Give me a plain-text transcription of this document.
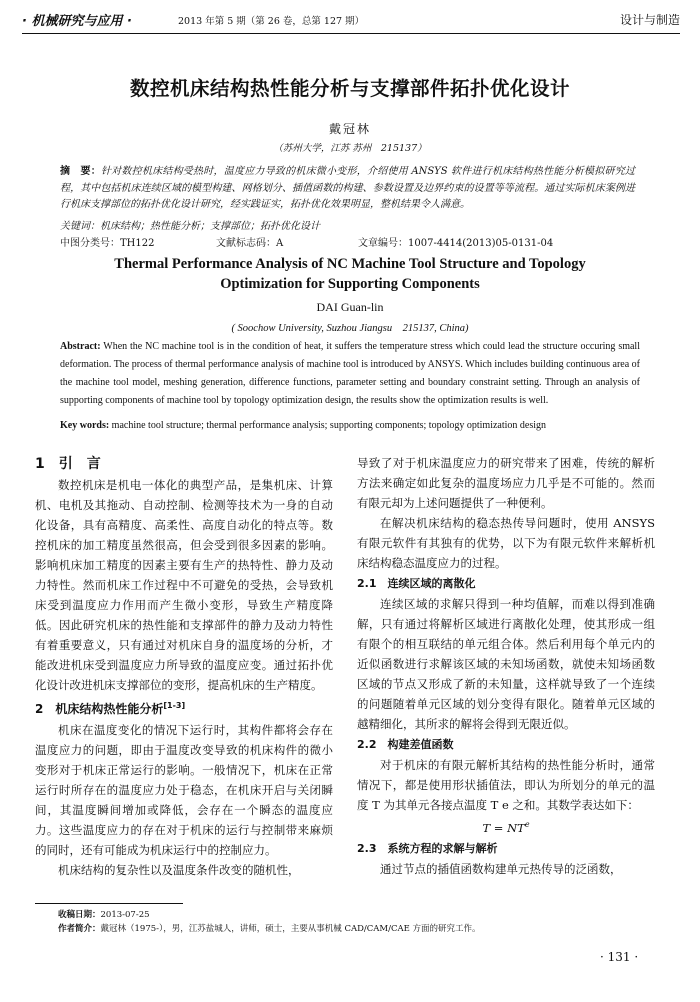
· 机械研究与应用 ·	2013 年第 5 期（第 26 卷，总第 127 期）	设计与制造
数控机床结构热性能分析与支撑部件拓扑优化设计
戴冠林
（苏州大学，江苏 苏州　215137）
摘　要：针对数控机床结构受热时，温度应力导致的机床微小变形，介绍使用 ANSYS 软件进行机床结构热性能分析模拟研究过程，其中包括机床连续区域的模型构建、网格划分、插值函数的构建、参数设置及边界约束的设置等等流程。通过实际机床案例进行机床支撑部位的拓扑优化设计研究，经实践证实，拓扑优化效果明显，整机结果令人满意。
关键词：机床结构；热性能分析；支撑部位；拓扑优化设计
中图分类号：TH122	文献标志码：A	文章编号：1007-4414(2013)05-0131-04
Thermal Performance Analysis of NC Machine Tool Structure and Topology
Optimization for Supporting Components
DAI Guan-lin
( Soochow University, Suzhou Jiangsu　215137, China)
Abstract: When the NC machine tool is in the condition of heat, it suffers the temperature stress which could lead the structure occuring small deformation. The process of thermal performance analysis of machine tool is introduced by ANSYS. Which includes building continuous area of the machine tool model, meshing generation, difference functions, parameter setting and boundary constraint setting. Through an analysis of supporting components of machine tool by topology optimization design, the results show the optimization results is well.
Key words: machine tool structure; thermal performance analysis; supporting components; topology optimization design
1　引　言

数控机床是机电一体化的典型产品，是集机床、计算机、电机及其拖动、自动控制、检测等技术为一身的自动化设备，具有高精度、高柔性、高度自动化的特点等。数控机床的加工精度虽然很高，但会受到很多因素的影响。影响机床加工精度的因素主要有生产的热特性、静力及动力特性。然而机床工作过程中不可避免的受热，会导致机床受到温度应力作用而产生微小变形，导致生产精度降低。因此研究机床的热性能和支撑部件的静力及动力特性有着重要意义，只有通过对机床自身的温度场的分析，才能改进机床受到温度应力所导致的温度应变。通过拓扑优化设计改进机床支撑部位的变形，提高机床的生产精度。

2　机床结构热性能分析[1-3]

机床在温度变化的情况下运行时，其构件都将会存在温度应力的问题，即由于温度改变导致的机床构件的微小变形对于机床正常运行的影响。一般情况下，机床在正常运行时所存在的温度应力处于稳态，在机床开启与关闭瞬间，其温度瞬间增加或降低，会存在一个瞬态的温度应力。这些温度应力的存在对于机床的运行与控制带来麻烦的同时，还有可能成为机床运行中的控制应力。

机床结构的复杂性以及温度条件改变的随机性，

导致了对于机床温度应力的研究带来了困难，传统的解析方法来确定如此复杂的温度场应力几乎是不可能的。然而有限元却为上述问题提供了一种便利。

在解决机床结构的稳态热传导问题时，使用 ANSYS 有限元软件有其独有的优势，以下为有限元软件来解析机床结构稳态温度应力的过程。

2.1　连续区域的离散化

连续区域的求解只得到一种均值解，而难以得到准确解，只有通过将解析区域进行离散化处理，使其形成一组有限个的相互联结的单元组合体。然后利用每个单元内的近似函数进行求解该区域的未知场函数，就使未知场函数区域的节点又形成了新的未知量，这样就导致了一个连续的问题随着单元区域的划分变得有限化。随着单元区域的越精细化，其所求的解将会得到无限近似。

2.2　构建差值函数

对于机床的有限元解析其结构的热性能分析时，通常情况下，都是使用形状插值法，即认为所划分的单元的温度 T 为其单元各接点温度 T e 之和。其数学表达如下：

$T = NT^e$
2.3　系统方程的求解与解析

通过节点的插值函数构建单元热传导的泛函数，

收稿日期：2013-07-25
作者简介：戴冠林（1975-），男，江苏盐城人，讲师，硕士，主要从事机械 CAD/CAM/CAE 方面的研究工作。
· 131 ·
